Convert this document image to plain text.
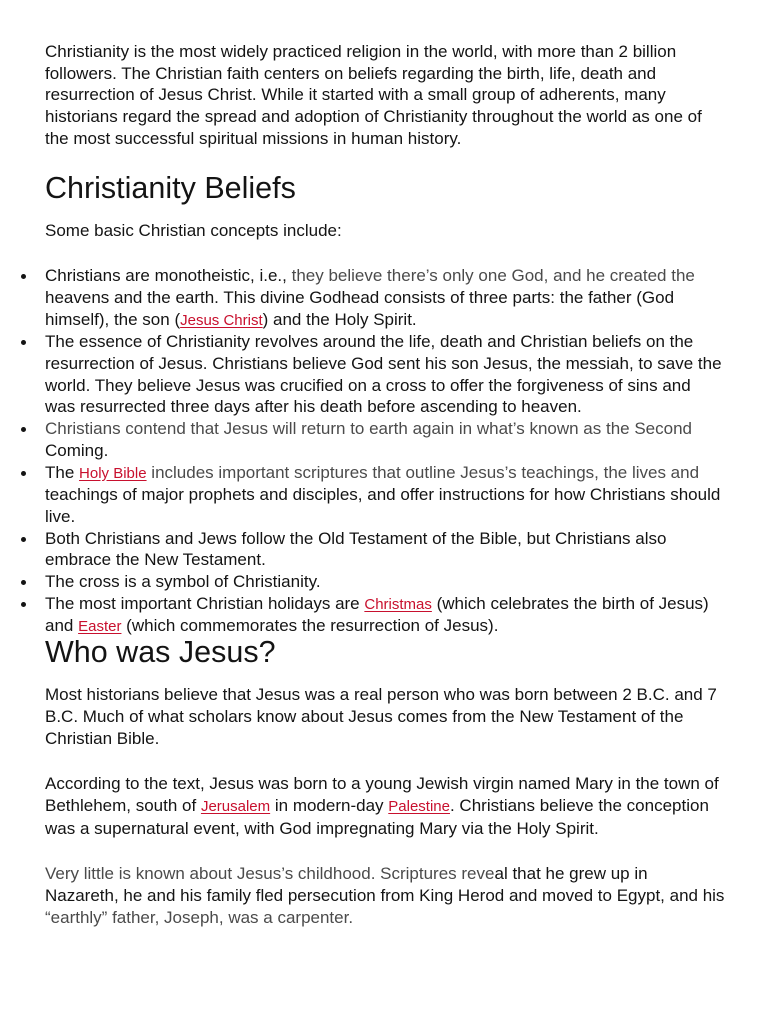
Christianity is the most widely practiced religion in the world, with more than 2 billion
followers. The Christian faith centers on beliefs regarding the birth, life, death and
resurrection of Jesus Christ. While it started with a small group of adherents, many
historians regard the spread and adoption of Christianity throughout the world as one of
the most successful spiritual missions in human history.

Christianity Beliefs

Some basic Christian concepts include:

Christians are monotheistic, i.e., they believe there’s only one God, and he created the
heavens and the earth. This divine Godhead consists of three parts: the father (God
himself), the son (Jesus Christ) and the Holy Spirit.
The essence of Christianity revolves around the life, death and Christian beliefs on the
resurrection of Jesus. Christians believe God sent his son Jesus, the messiah, to save the
world. They believe Jesus was crucified on a cross to offer the forgiveness of sins and
was resurrected three days after his death before ascending to heaven.
Christians contend that Jesus will return to earth again in what’s known as the Second
Coming.
The Holy Bible includes important scriptures that outline Jesus’s teachings, the lives and
teachings of major prophets and disciples, and offer instructions for how Christians should
live.
Both Christians and Jews follow the Old Testament of the Bible, but Christians also
embrace the New Testament.
The cross is a symbol of Christianity.
The most important Christian holidays are Christmas (which celebrates the birth of Jesus)
and Easter (which commemorates the resurrection of Jesus).
Who was Jesus?

Most historians believe that Jesus was a real person who was born between 2 B.C. and 7
B.C. Much of what scholars know about Jesus comes from the New Testament of the
Christian Bible.

According to the text, Jesus was born to a young Jewish virgin named Mary in the town of
Bethlehem, south of Jerusalem in modern-day Palestine. Christians believe the conception
was a supernatural event, with God impregnating Mary via the Holy Spirit.

Very little is known about Jesus’s childhood. Scriptures reveal that he grew up in
Nazareth, he and his family fled persecution from King Herod and moved to Egypt, and his
“earthly” father, Joseph, was a carpenter.
